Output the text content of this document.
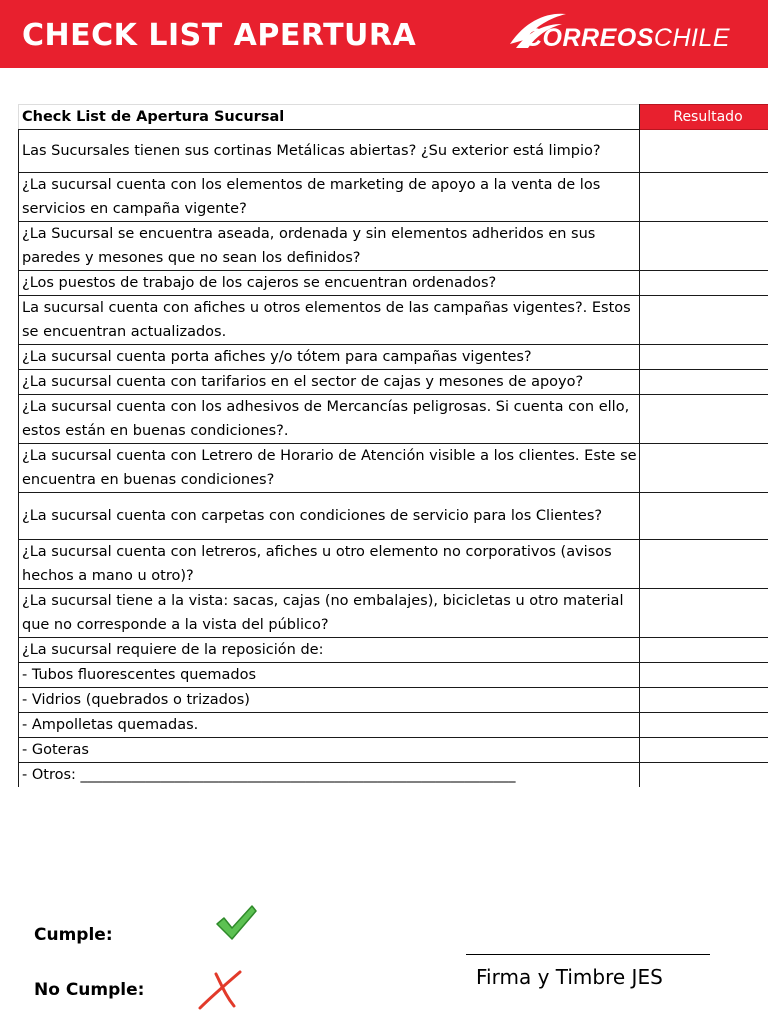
CHECK LIST APERTURA	CORREOSCHILE
Check List de Apertura Sucursal	Resultado
Las Sucursales tienen sus cortinas Metálicas abiertas? ¿Su exterior está limpio?	
¿La sucursal cuenta con los elementos de marketing de apoyo a la venta de los servicios en campaña vigente?	
¿La Sucursal se encuentra aseada, ordenada y sin elementos adheridos en sus paredes y mesones que no sean los definidos?	
¿Los puestos de trabajo de los cajeros se encuentran ordenados?	
La sucursal cuenta con afiches u otros elementos de las campañas vigentes?. Estos se encuentran actualizados.	
¿La sucursal cuenta porta afiches y/o tótem para campañas vigentes?	
¿La sucursal cuenta con tarifarios en el sector de cajas y mesones de apoyo?	
¿La sucursal cuenta con los adhesivos de Mercancías peligrosas. Si cuenta con ello, estos están en buenas condiciones?.	
¿La sucursal cuenta con Letrero de Horario de Atención visible a los clientes. Este se encuentra en buenas condiciones?	
¿La sucursal cuenta con carpetas con condiciones de servicio para los Clientes?	
¿La sucursal cuenta con letreros, afiches u otro elemento no corporativos (avisos hechos a mano u otro)?	
¿La sucursal tiene a la vista: sacas, cajas (no embalajes), bicicletas u otro material que no corresponde a la vista del público?	
¿La sucursal requiere de la reposición de:	
- Tubos fluorescentes quemados	
- Vidrios (quebrados o trizados)	
- Ampolletas quemadas.	
- Goteras	
- Otros: ____________________________________________________________	
Cumple:
No Cumple:
Firma y Timbre JES
